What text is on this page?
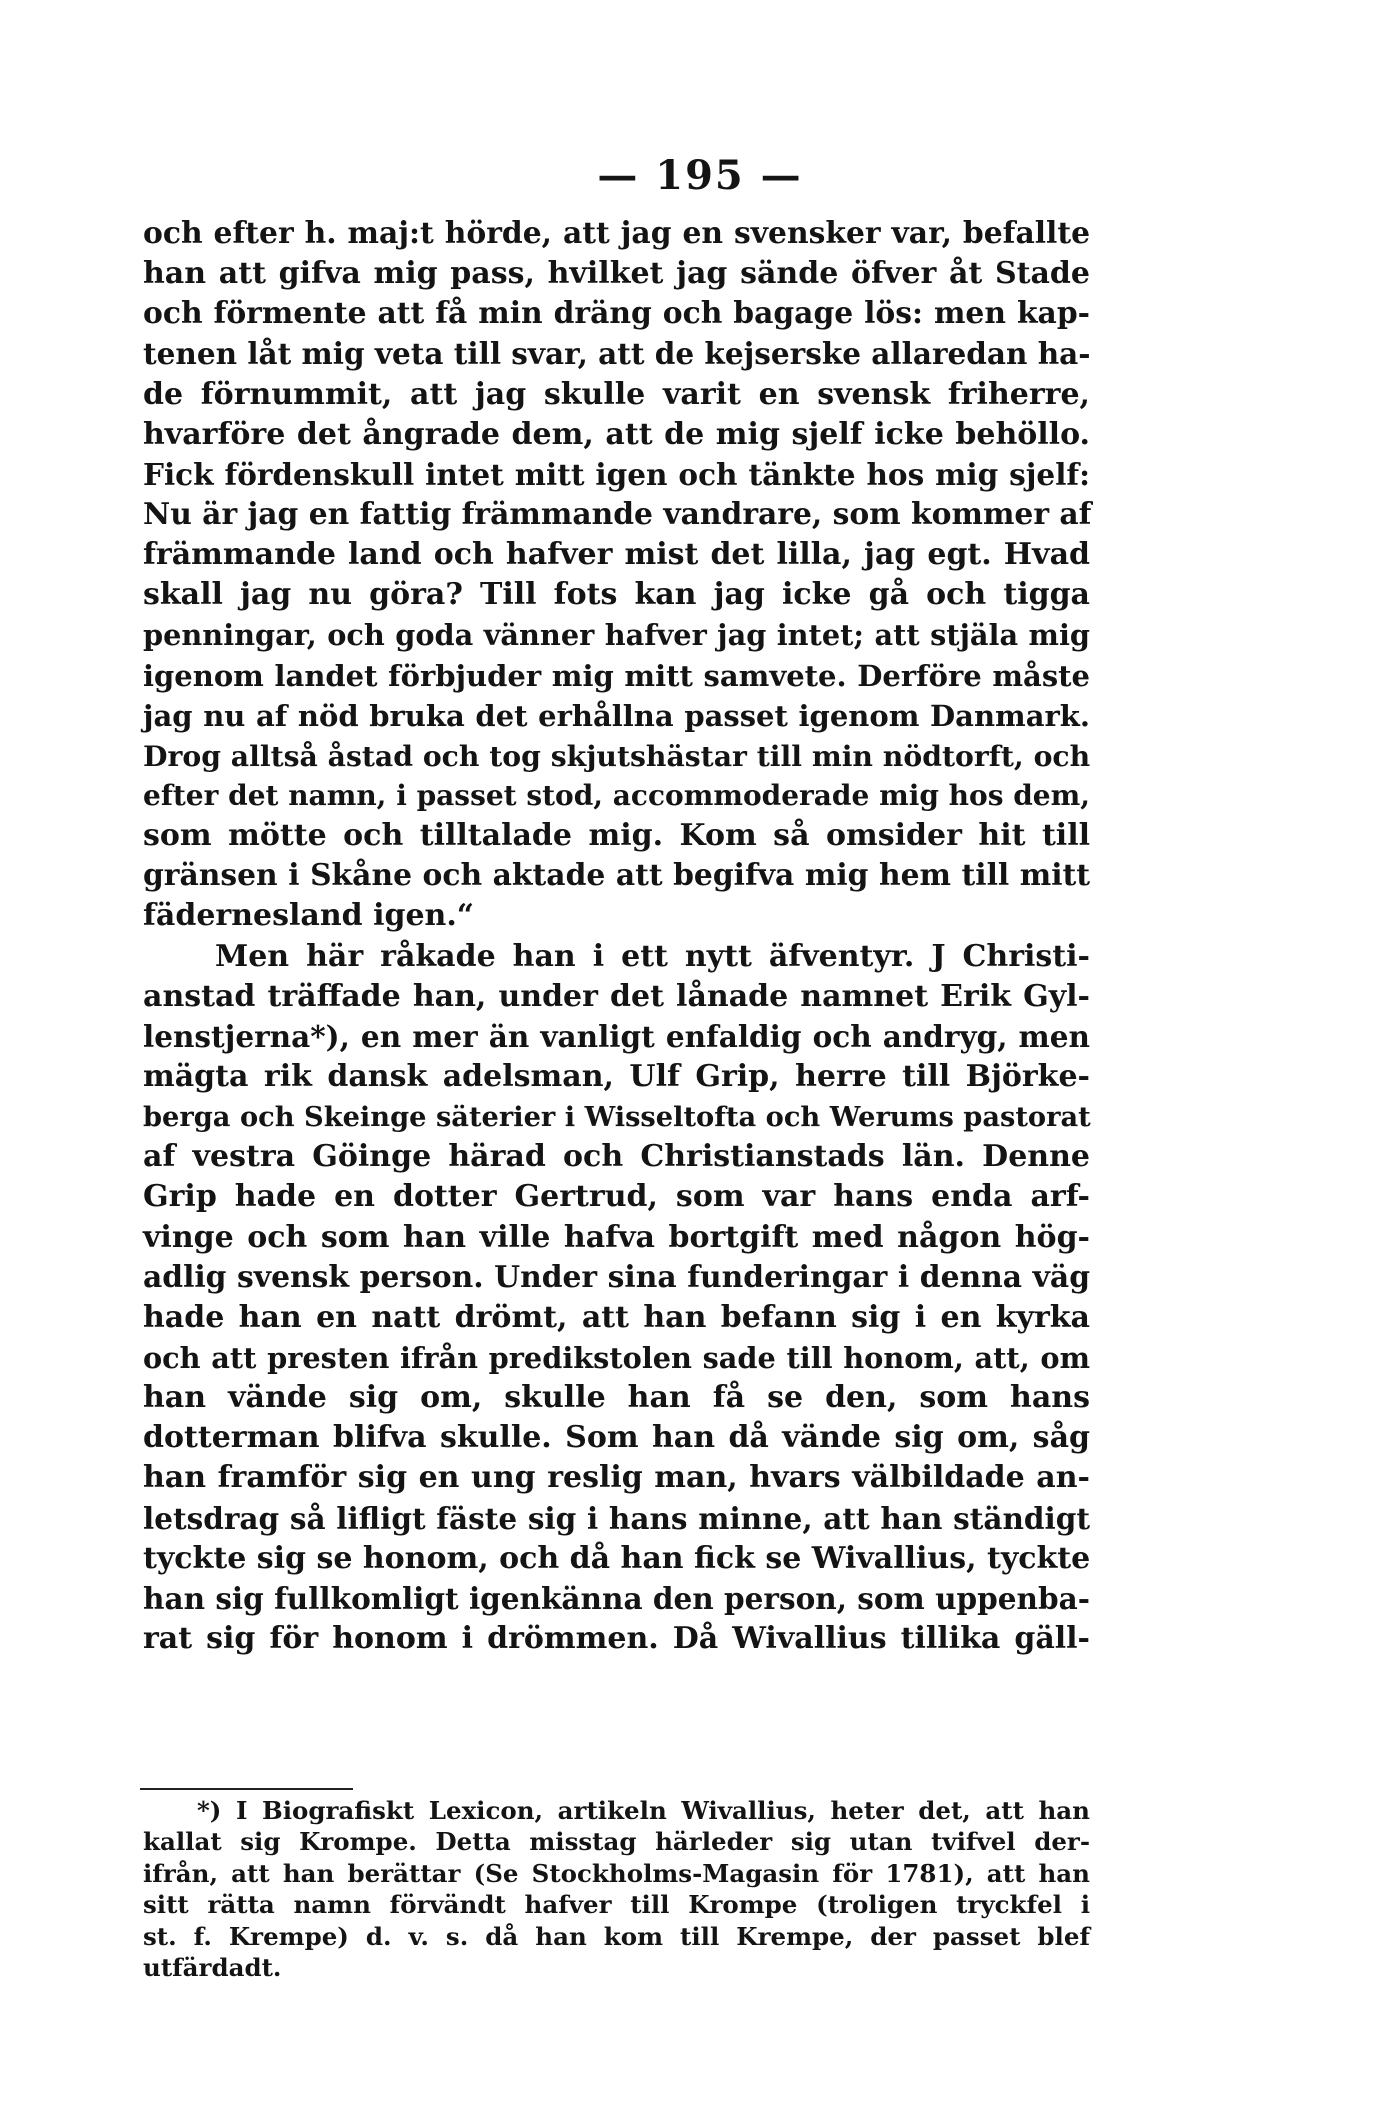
— 195 —
och efter h. maj:t hörde, att jag en svensker var, befallte
han att gifva mig pass, hvilket jag sände öfver åt Stade
och förmente att få min dräng och bagage lös: men kap-
tenen låt mig veta till svar, att de kejserske allaredan ha-
de förnummit, att jag skulle varit en svensk friherre,
hvarföre det ångrade dem, att de mig sjelf icke behöllo.
Fick fördenskull intet mitt igen och tänkte hos mig sjelf:
Nu är jag en fattig främmande vandrare, som kommer af
främmande land och hafver mist det lilla, jag egt. Hvad
skall jag nu göra? Till fots kan jag icke gå och tigga
penningar, och goda vänner hafver jag intet; att stjäla mig
igenom landet förbjuder mig mitt samvete. Derföre måste
jag nu af nöd bruka det erhållna passet igenom Danmark.
Drog alltså åstad och tog skjutshästar till min nödtorft, och
efter det namn, i passet stod, accommoderade mig hos dem,
som mötte och tilltalade mig. Kom så omsider hit till
gränsen i Skåne och aktade att begifva mig hem till mitt
fädernesland igen.“
Men här råkade han i ett nytt äfventyr. J Christi-
anstad träffade han, under det lånade namnet Erik Gyl-
lenstjerna*), en mer än vanligt enfaldig och andryg, men
mägta rik dansk adelsman, Ulf Grip, herre till Björke-
berga och Skeinge säterier i Wisseltofta och Werums pastorat
af vestra Göinge härad och Christianstads län. Denne
Grip hade en dotter Gertrud, som var hans enda arf-
vinge och som han ville hafva bortgift med någon hög-
adlig svensk person. Under sina funderingar i denna väg
hade han en natt drömt, att han befann sig i en kyrka
och att presten ifrån predikstolen sade till honom, att, om
han vände sig om, skulle han få se den, som hans
dotterman blifva skulle. Som han då vände sig om, såg
han framför sig en ung reslig man, hvars välbildade an-
letsdrag så lifligt fäste sig i hans minne, att han ständigt
tyckte sig se honom, och då han fick se Wivallius, tyckte
han sig fullkomligt igenkänna den person, som uppenba-
rat sig för honom i drömmen. Då Wivallius tillika gäll-
*) I Biografiskt Lexicon, artikeln Wivallius, heter det, att han
kallat sig Krompe. Detta misstag härleder sig utan tvifvel der-
ifrån, att han berättar (Se Stockholms-Magasin för 1781), att han
sitt rätta namn förvändt hafver till Krompe (troligen tryckfel i
st. f. Krempe) d. v. s. då han kom till Krempe, der passet blef
utfärdadt.
